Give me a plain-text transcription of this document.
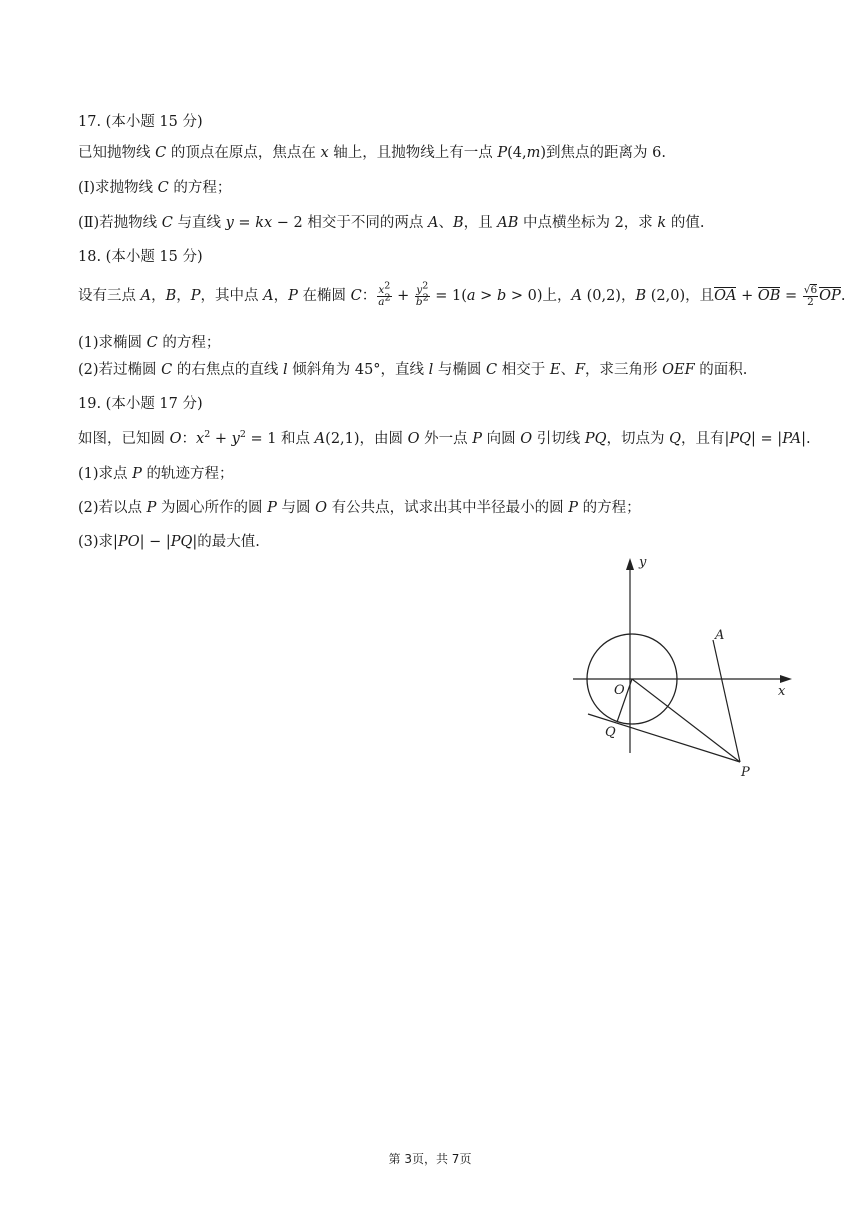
17. (本小题 15 分)
已知抛物线 C 的顶点在原点，焦点在 x 轴上，且抛物线上有一点 P(4,m)到焦点的距离为 6.
(Ⅰ)求抛物线 C 的方程；
(Ⅱ)若抛物线 C 与直线 y = kx − 2 相交于不同的两点 A、B，且 AB 中点横坐标为 2，求 k 的值.
18. (本小题 15 分)
设有三点 A，B，P，其中点 A，P 在椭圆 C： $\frac{x^2}{a^2} + \frac{y^2}{b^2} = 1(a > b > 0)$上，A (0,2)，B (2,0)，且OA + OB = $\frac{√6}{2}$ OP.
(1)求椭圆 C 的方程；
(2)若过椭圆 C 的右焦点的直线 l 倾斜角为 45°，直线 l 与椭圆 C 相交于 E、F，求三角形 OEF 的面积.
19. (本小题 17 分)
如图，已知圆 O：$x^2 + y^2 = 1$ 和点 A(2,1)，由圆 O 外一点 P 向圆 O 引切线 PQ，切点为 Q，且有|PQ| = |PA|.
(1)求点 P 的轨迹方程；
(2)若以点 P 为圆心所作的圆 P 与圆 O 有公共点，试求出其中半径最小的圆 P 的方程；
(3)求|PO| − |PQ|的最大值.
y
x
O
A
Q
P
第 3页，共 7页
